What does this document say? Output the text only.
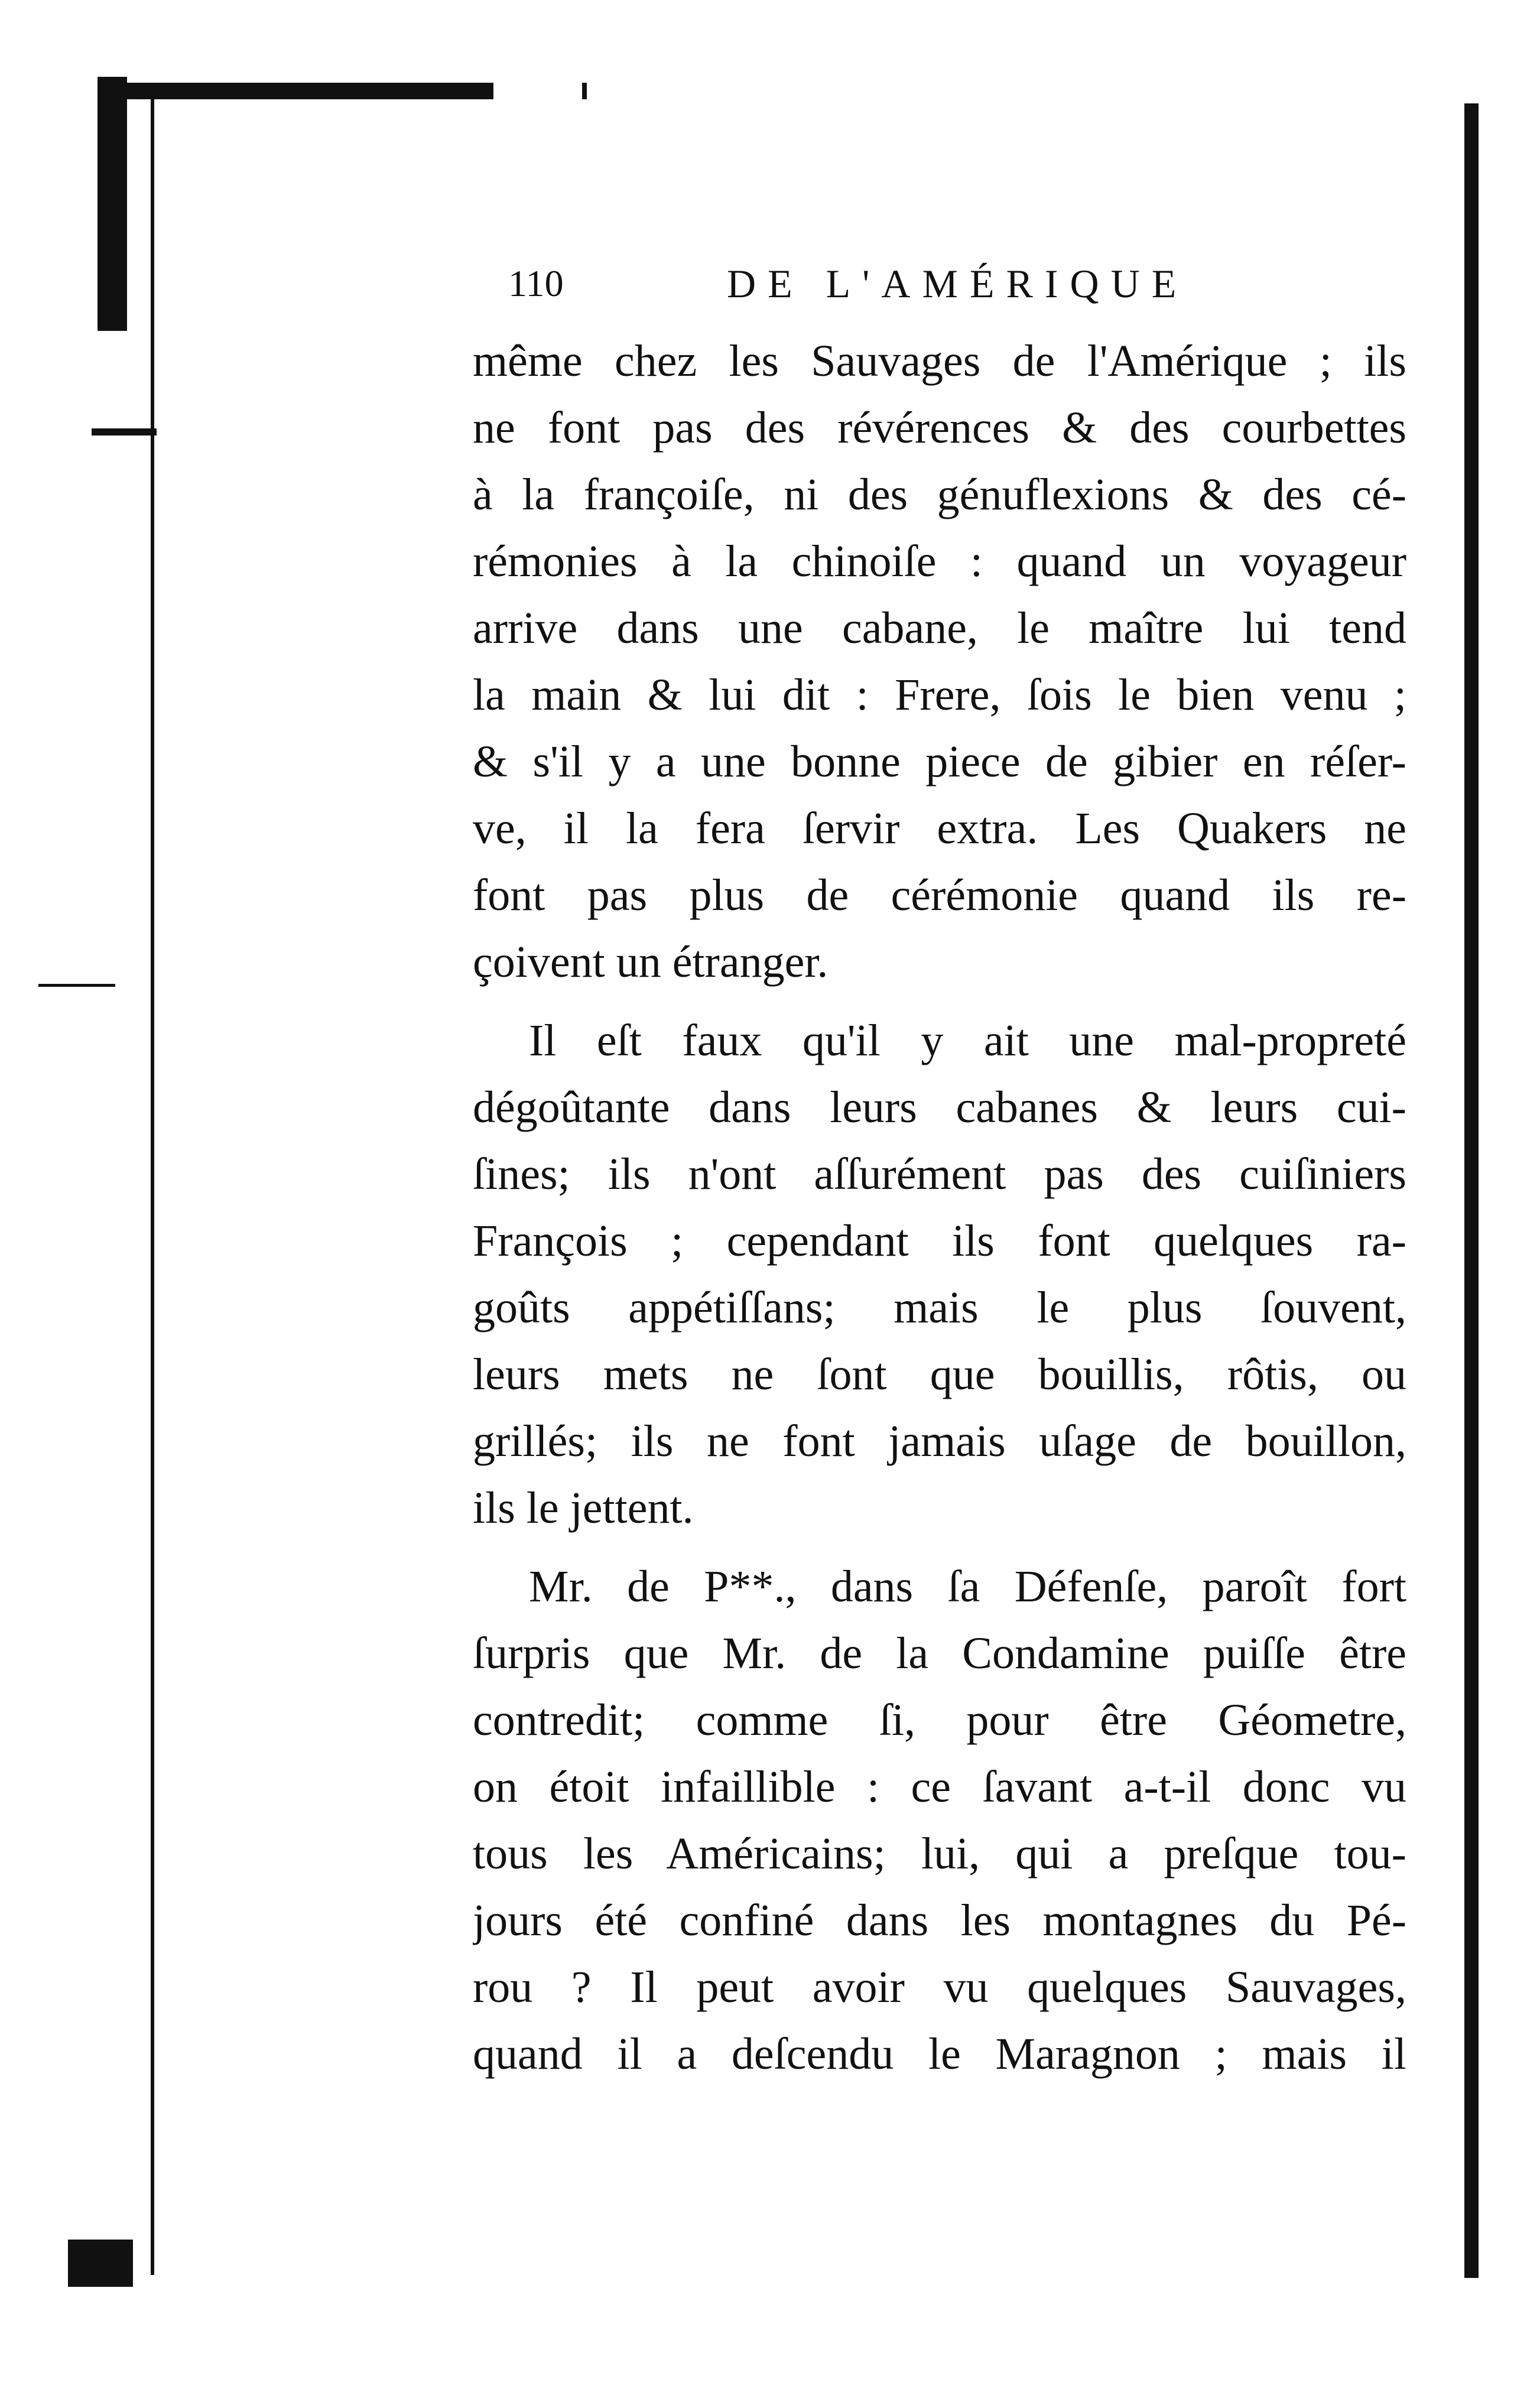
110	DE L'AMÉRIQUE
même chez les Sauvages de l'Amérique ; ils
ne font pas des révérences & des courbettes
à la françoiſe, ni des génuflexions & des cé-
rémonies à la chinoiſe : quand un voyageur
arrive dans une cabane, le maître lui tend
la main & lui dit : Frere, ſois le bien venu ;
& s'il y a une bonne piece de gibier en réſer-
ve, il la fera ſervir extra. Les Quakers ne
font pas plus de cérémonie quand ils re-
çoivent un étranger.
Il eſt faux qu'il y ait une mal-propreté
dégoûtante dans leurs cabanes & leurs cui-
ſines; ils n'ont aſſurément pas des cuiſiniers
François ; cependant ils font quelques ra-
goûts appétiſſans; mais le plus ſouvent,
leurs mets ne ſont que bouillis, rôtis, ou
grillés; ils ne font jamais uſage de bouillon,
ils le jettent.
Mr. de P**., dans ſa Défenſe, paroît fort
ſurpris que Mr. de la Condamine puiſſe être
contredit; comme ſi, pour être Géometre,
on étoit infaillible : ce ſavant a-t-il donc vu
tous les Américains; lui, qui a preſque tou-
jours été confiné dans les montagnes du Pé-
rou ? Il peut avoir vu quelques Sauvages,
quand il a deſcendu le Maragnon ; mais il
